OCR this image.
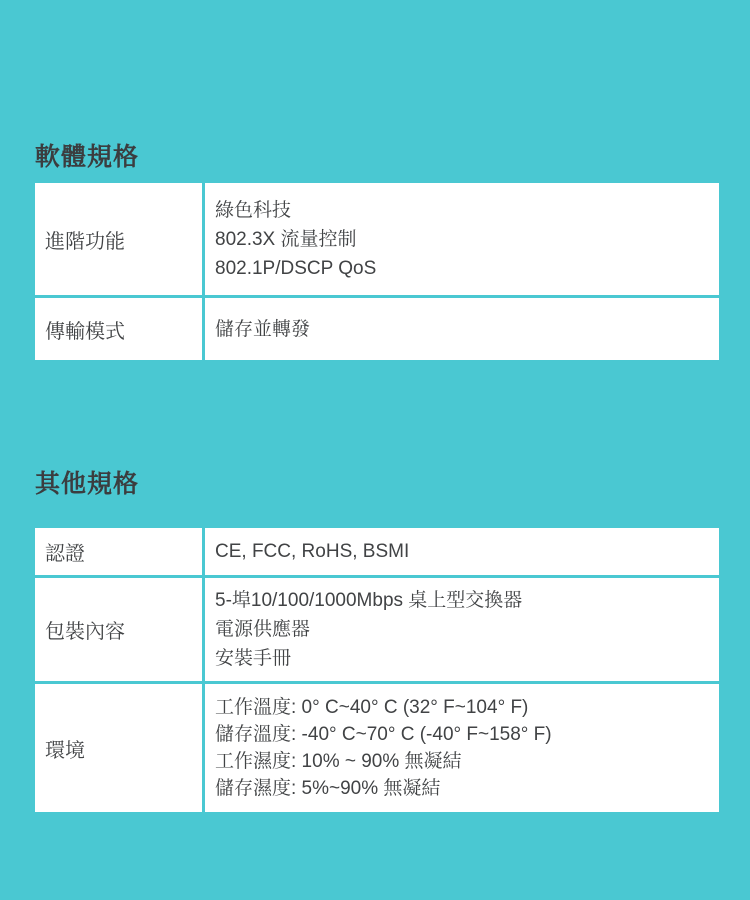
軟體規格
進階功能
綠色科技
802.3X 流量控制
802.1P/DSCP QoS
傳輸模式	儲存並轉發
其他規格
認證	CE, FCC, RoHS, BSMI
包裝內容
5-埠10/100/1000Mbps 桌上型交換器
電源供應器
安裝手冊
環境
工作溫度: 0° C~40° C (32° F~104° F)
儲存溫度: -40° C~70° C (-40° F~158° F)
工作濕度: 10% ~ 90% 無凝結
儲存濕度: 5%~90% 無凝結
